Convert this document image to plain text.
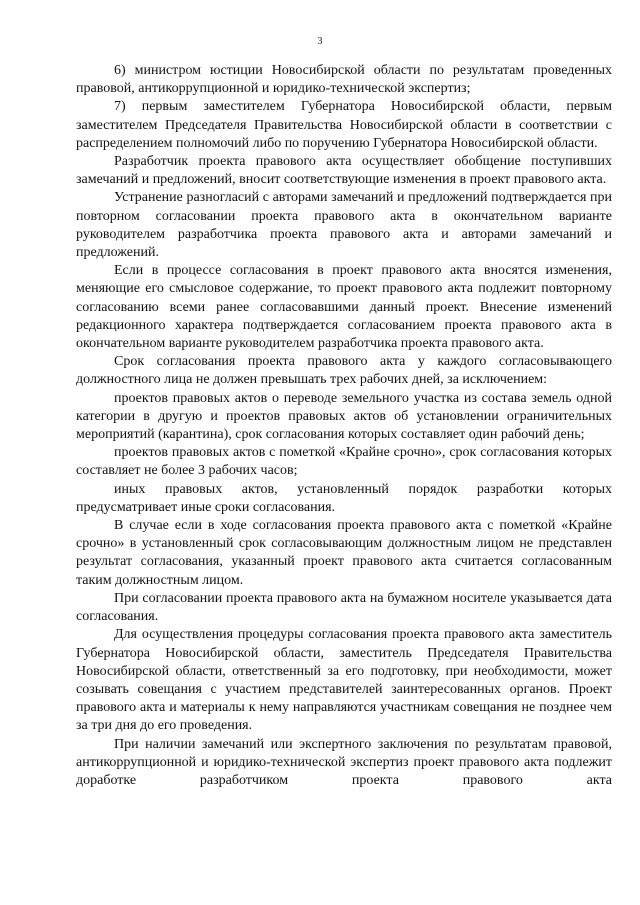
3

6) министром юстиции Новосибирской области по результатам проведенных правовой, антикоррупционной и юридико-технической экспертиз;

7) первым заместителем Губернатора Новосибирской области, первым заместителем Председателя Правительства Новосибирской области в соответствии с распределением полномочий либо по поручению Губернатора Новосибирской области.

Разработчик проекта правового акта осуществляет обобщение поступивших замечаний и предложений, вносит соответствующие изменения в проект правового акта.

Устранение разногласий с авторами замечаний и предложений подтверждается при повторном согласовании проекта правового акта в окончательном варианте руководителем разработчика проекта правового акта и авторами замечаний и предложений.

Если в процессе согласования в проект правового акта вносятся изменения, меняющие его смысловое содержание, то проект правового акта подлежит повторному согласованию всеми ранее согласовавшими данный проект. Внесение изменений редакционного характера подтверждается согласованием проекта правового акта в окончательном варианте руководителем разработчика проекта правового акта.

Срок согласования проекта правового акта у каждого согласовывающего должностного лица не должен превышать трех рабочих дней, за исключением:

проектов правовых актов о переводе земельного участка из состава земель одной категории в другую и проектов правовых актов об установлении ограничительных мероприятий (карантина), срок согласования которых составляет один рабочий день;

проектов правовых актов с пометкой «Крайне срочно», срок согласования которых составляет не более 3 рабочих часов;

иных правовых актов, установленный порядок разработки которых предусматривает иные сроки согласования.

В случае если в ходе согласования проекта правового акта с пометкой «Крайне срочно» в установленный срок согласовывающим должностным лицом не представлен результат согласования, указанный проект правового акта считается согласованным таким должностным лицом.

При согласовании проекта правового акта на бумажном носителе указывается дата согласования.

Для осуществления процедуры согласования проекта правового акта заместитель Губернатора Новосибирской области, заместитель Председателя Правительства Новосибирской области, ответственный за его подготовку, при необходимости, может созывать совещания с участием представителей заинтересованных органов. Проект правового акта и материалы к нему направляются участникам совещания не позднее чем за три дня до его проведения.

При наличии замечаний или экспертного заключения по результатам правовой, антикоррупционной и юридико-технической экспертиз проект правового акта подлежит доработке разработчиком проекта правового акта
